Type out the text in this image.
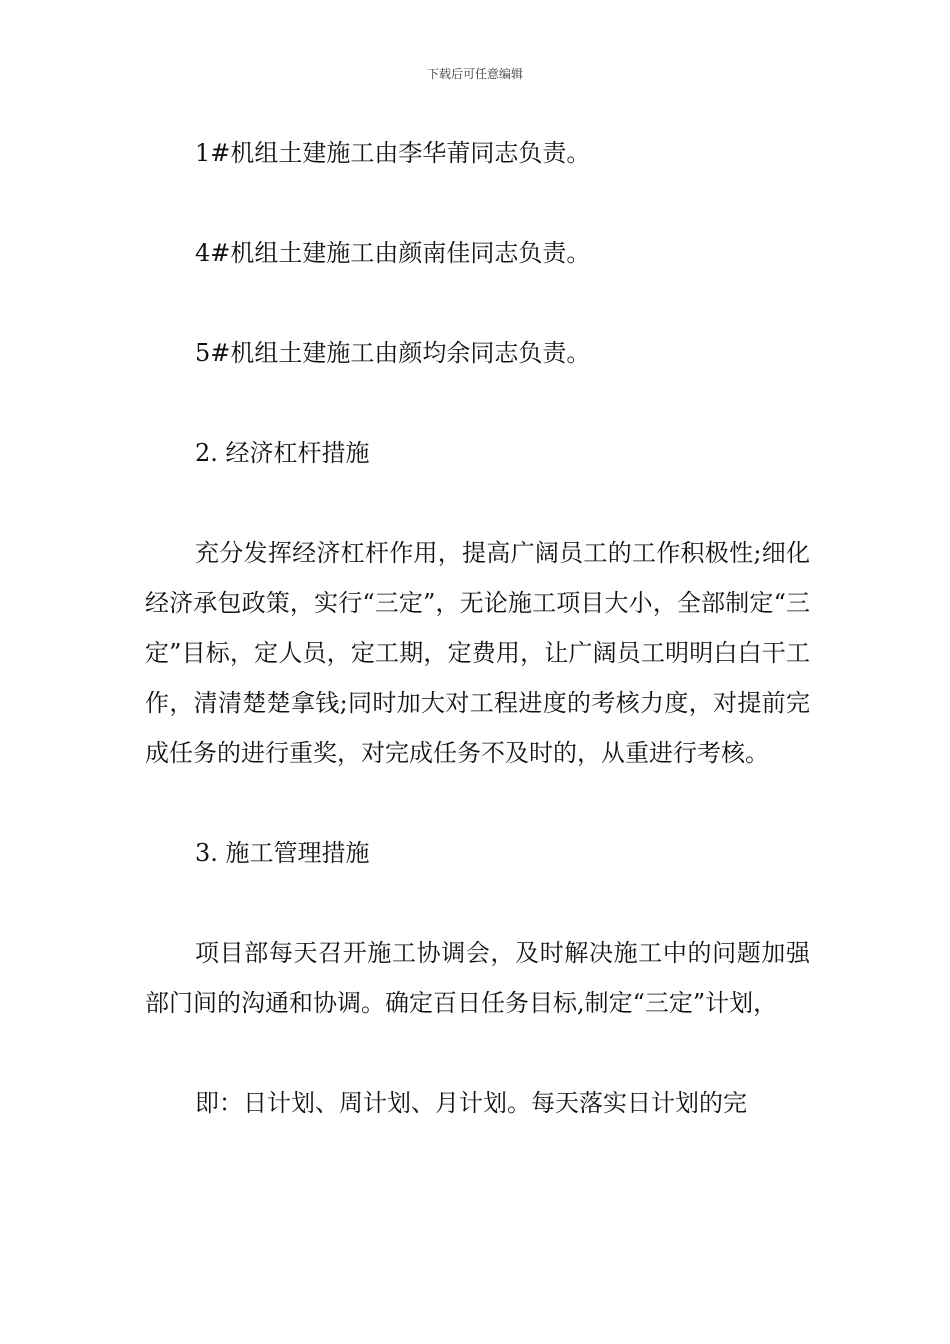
下载后可任意编辑

1#机组土建施工由李华莆同志负责。

4#机组土建施工由颜南佳同志负责。

5#机组土建施工由颜均余同志负责。

2. 经济杠杆措施

充分发挥经济杠杆作用，提高广阔员工的工作积极性;细化经济承包政策，实行“三定”，无论施工项目大小，全部制定“三定”目标，定人员，定工期，定费用，让广阔员工明明白白干工作，清清楚楚拿钱;同时加大对工程进度的考核力度，对提前完成任务的进行重奖，对完成任务不及时的，从重进行考核。

3. 施工管理措施

项目部每天召开施工协调会，及时解决施工中的问题加强部门间的沟通和协调。确定百日任务目标,制定“三定”计划，

即：日计划、周计划、月计划。每天落实日计划的完
